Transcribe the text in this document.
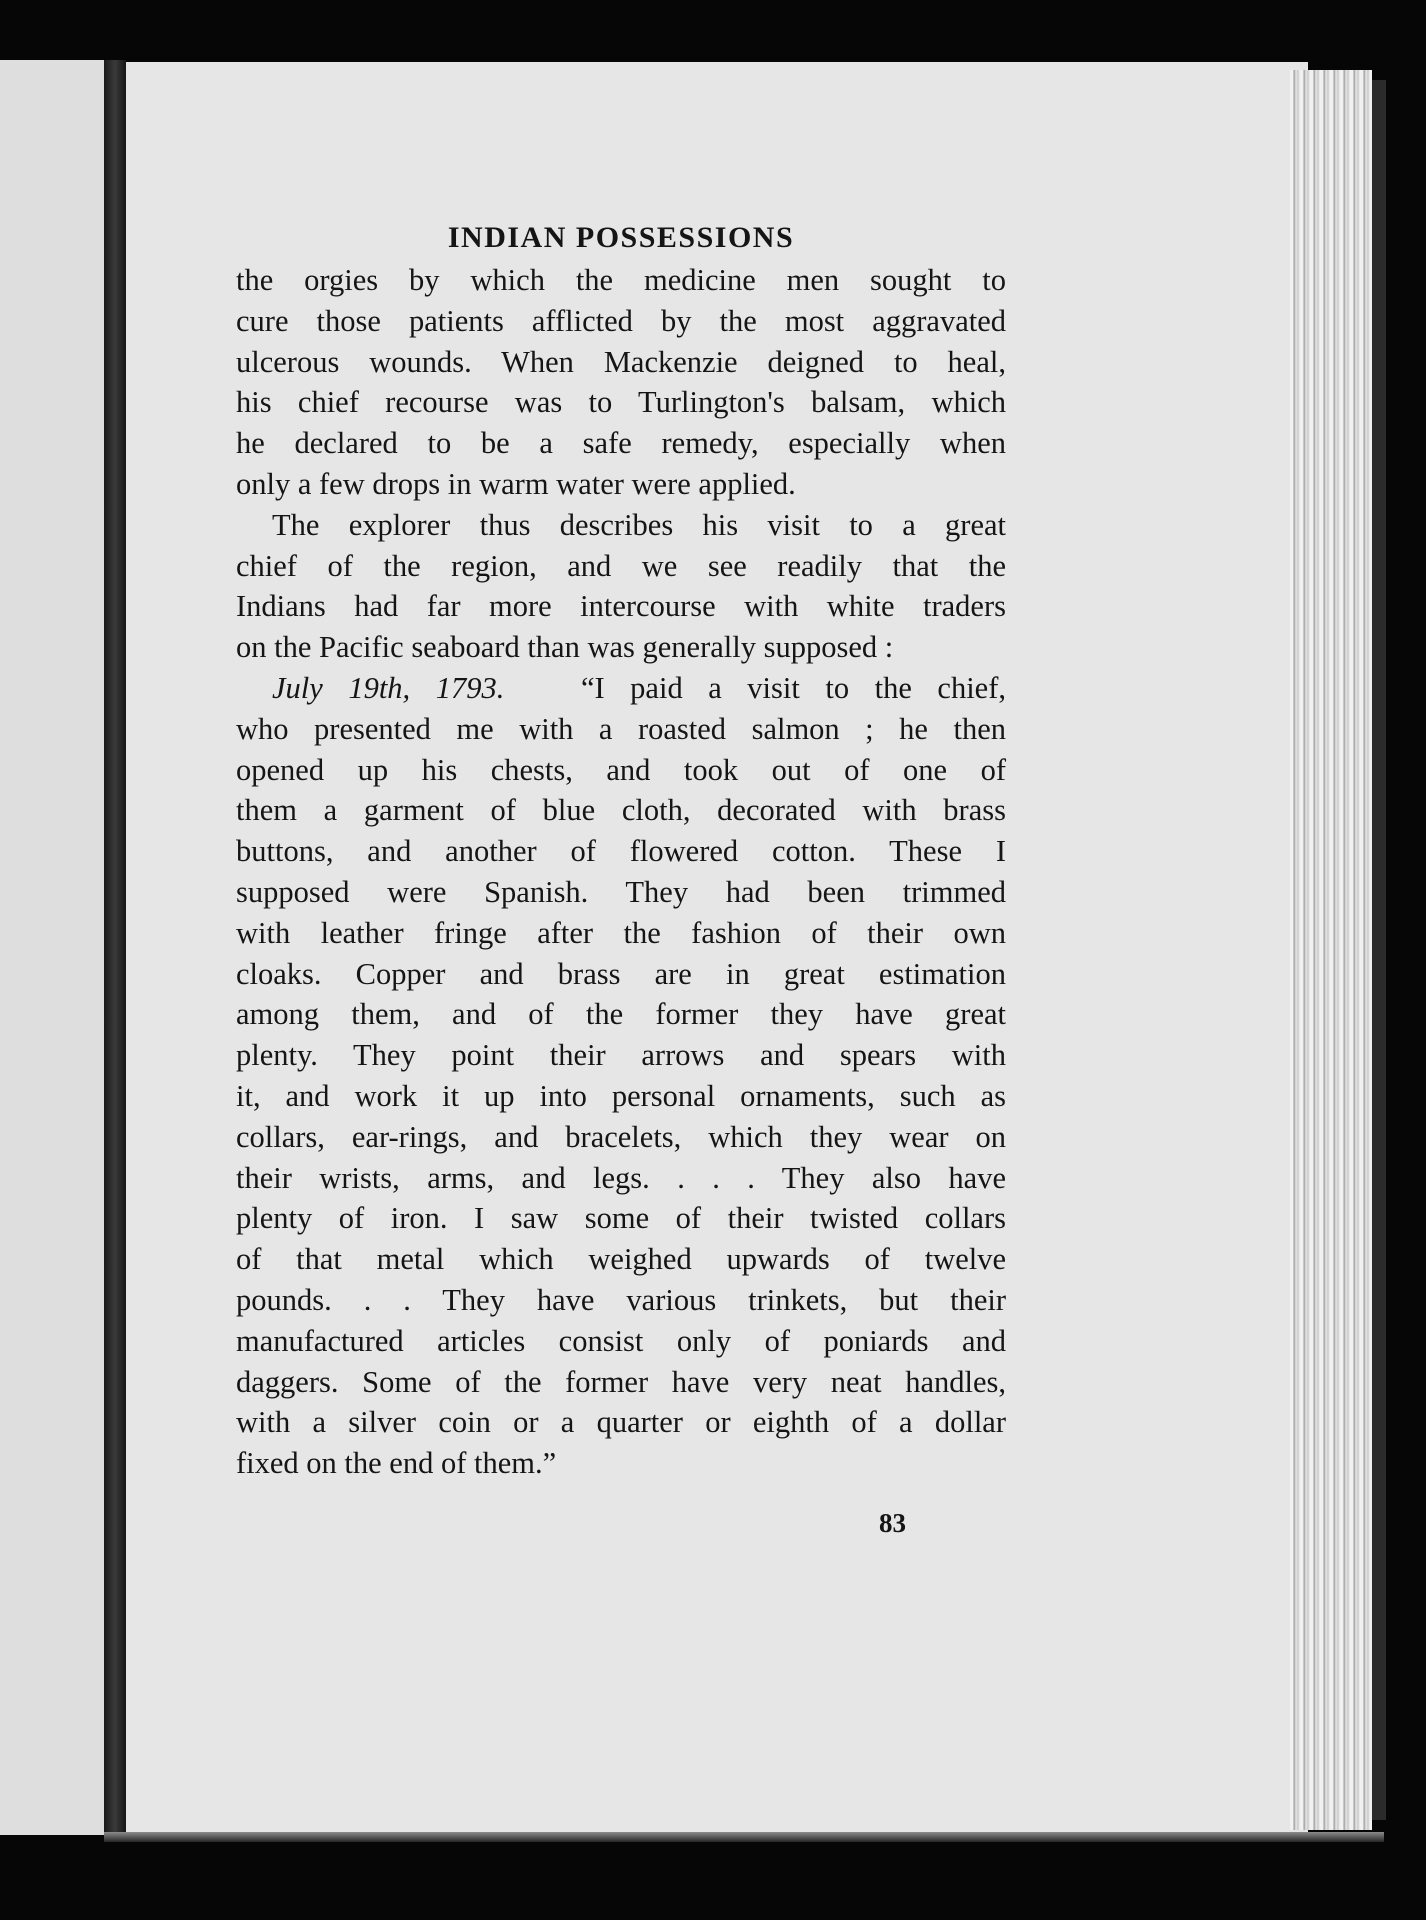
INDIAN POSSESSIONS
the orgies by which the medicine men sought to
cure those patients afflicted by the most aggravated
ulcerous wounds. When Mackenzie deigned to heal,
his chief recourse was to Turlington's balsam, which
he declared to be a safe remedy, especially when
only a few drops in warm water were applied.
The explorer thus describes his visit to a great
chief of the region, and we see readily that the
Indians had far more intercourse with white traders
on the Pacific seaboard than was generally supposed :
July 19th, 1793.	“I paid a visit to the chief,
who presented me with a roasted salmon ; he then
opened up his chests, and took out of one of
them a garment of blue cloth, decorated with brass
buttons, and another of flowered cotton. These I
supposed were Spanish. They had been trimmed
with leather fringe after the fashion of their own
cloaks. Copper and brass are in great estimation
among them, and of the former they have great
plenty. They point their arrows and spears with
it, and work it up into personal ornaments, such as
collars, ear-rings, and bracelets, which they wear on
their wrists, arms, and legs. . . . They also have
plenty of iron. I saw some of their twisted collars
of that metal which weighed upwards of twelve
pounds. . . They have various trinkets, but their
manufactured articles consist only of poniards and
daggers. Some of the former have very neat handles,
with a silver coin or a quarter or eighth of a dollar
fixed on the end of them.”
83
